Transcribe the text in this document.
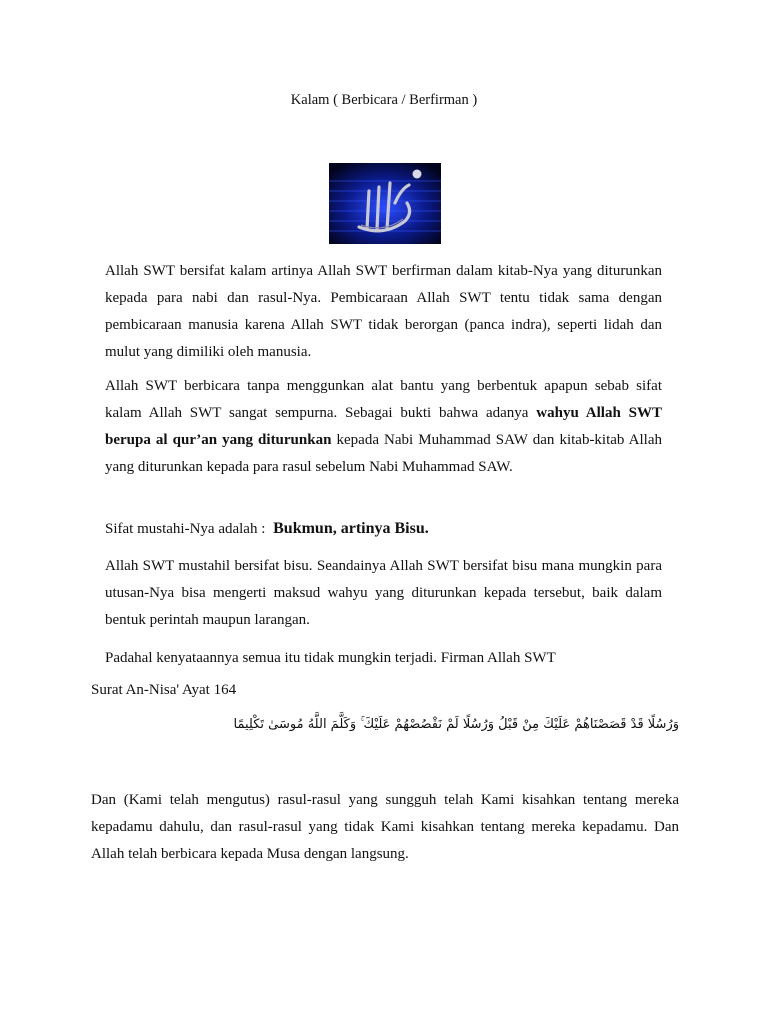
Kalam ( Berbicara / Berfirman )

Allah SWT bersifat kalam artinya Allah SWT berfirman dalam kitab-Nya yang diturunkan kepada para nabi dan rasul-Nya. Pembicaraan Allah SWT tentu tidak sama dengan pembicaraan manusia karena Allah SWT tidak berorgan (panca indra), seperti lidah dan mulut yang dimiliki oleh manusia.

Allah SWT berbicara tanpa menggunkan alat bantu yang berbentuk apapun sebab sifat kalam Allah SWT sangat sempurna. Sebagai bukti bahwa adanya wahyu Allah SWT berupa al qur’an yang diturunkan kepada Nabi Muhammad SAW dan kitab-kitab Allah yang diturunkan kepada para rasul sebelum Nabi Muhammad SAW.

Sifat mustahi-Nya adalah : Bukmun, artinya Bisu.

Allah SWT mustahil bersifat bisu. Seandainya Allah SWT bersifat bisu mana mungkin para utusan-Nya bisa mengerti maksud wahyu yang diturunkan kepada tersebut, baik dalam bentuk perintah maupun larangan.

Padahal kenyataannya semua itu tidak mungkin terjadi. Firman Allah SWT

Surat An-Nisa' Ayat 164

وَرُسُلًا قَدْ قَصَصْنَاهُمْ عَلَيْكَ مِنْ قَبْلُ وَرُسُلًا لَمْ نَقْصُصْهُمْ عَلَيْكَ ۚ وَكَلَّمَ اللَّهُ مُوسَىٰ تَكْلِيمًا

Dan (Kami telah mengutus) rasul-rasul yang sungguh telah Kami kisahkan tentang mereka kepadamu dahulu, dan rasul-rasul yang tidak Kami kisahkan tentang mereka kepadamu. Dan Allah telah berbicara kepada Musa dengan langsung.
